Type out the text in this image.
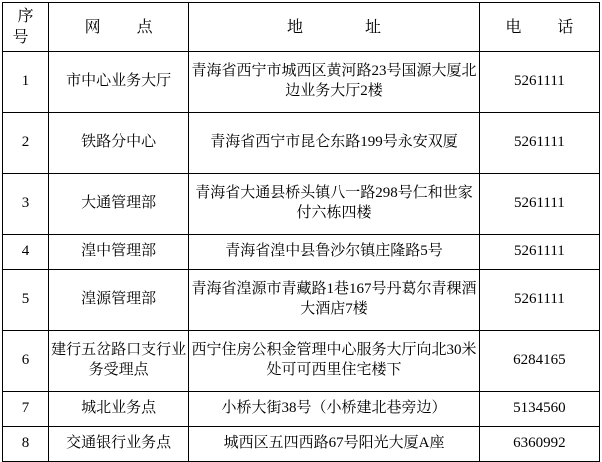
序　号	网　点	地　　址	电　话
1	市中心业务大厅	青海省西宁市城西区黄河路23号国源大厦北边业务大厅2楼	5261111
2	铁路分中心	青海省西宁市昆仑东路199号永安双厦	5261111
3	大通管理部	青海省大通县桥头镇八一路298号仁和世家付六栋四楼	5261111
4	湟中管理部	青海省湟中县鲁沙尔镇庄隆路5号	5261111
5	湟源管理部	青海省湟源市青藏路1巷167号丹葛尔青稞酒大酒店7楼	5261111
6	建行五岔路口支行业务受理点	西宁住房公积金管理中心服务大厅向北30米处可可西里住宅楼下	6284165
7	城北业务点	小桥大街38号（小桥建北巷旁边）	5134560
8	交通银行业务点	城西区五四西路67号阳光大厦A座	6360992
